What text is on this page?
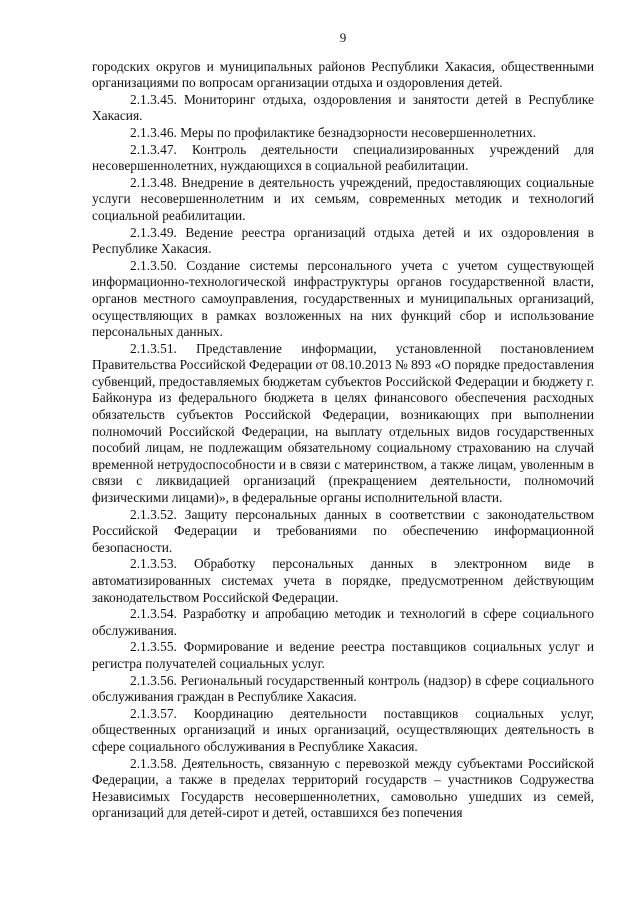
9

городских округов и муниципальных районов Республики Хакасия, общественными организациями по вопросам организации отдыха и оздоровления детей.

2.1.3.45. Мониторинг отдыха, оздоровления и занятости детей в Республике Хакасия.

2.1.3.46. Меры по профилактике безнадзорности несовершеннолетних.

2.1.3.47. Контроль деятельности специализированных учреждений для несовершеннолетних, нуждающихся в социальной реабилитации.

2.1.3.48. Внедрение в деятельность учреждений, предоставляющих социальные услуги несовершеннолетним и их семьям, современных методик и технологий социальной реабилитации.

2.1.3.49. Ведение реестра организаций отдыха детей и их оздоровления в Республике Хакасия.

2.1.3.50. Создание системы персонального учета с учетом существующей информационно-технологической инфраструктуры органов государственной власти, органов местного самоуправления, государственных и муниципальных организаций, осуществляющих в рамках возложенных на них функций сбор и использование персональных данных.

2.1.3.51. Представление информации, установленной постановлением Правительства Российской Федерации от 08.10.2013 № 893 «О порядке предоставления субвенций, предоставляемых бюджетам субъектов Российской Федерации и бюджету г. Байконура из федерального бюджета в целях финансового обеспечения расходных обязательств субъектов Российской Федерации, возникающих при выполнении полномочий Российской Федерации, на выплату отдельных видов государственных пособий лицам, не подлежащим обязательному социальному страхованию на случай временной нетрудоспособности и в связи с материнством, а также лицам, уволенным в связи с ликвидацией организаций (прекращением деятельности, полномочий физическими лицами)», в федеральные органы исполнительной власти.

2.1.3.52. Защиту персональных данных в соответствии с законодательством Российской Федерации и требованиями по обеспечению информационной безопасности.

2.1.3.53. Обработку персональных данных в электронном виде в автоматизированных системах учета в порядке, предусмотренном действующим законодательством Российской Федерации.

2.1.3.54. Разработку и апробацию методик и технологий в сфере социального обслуживания.

2.1.3.55. Формирование и ведение реестра поставщиков социальных услуг и регистра получателей социальных услуг.

2.1.3.56. Региональный государственный контроль (надзор) в сфере социального обслуживания граждан в Республике Хакасия.

2.1.3.57. Координацию деятельности поставщиков социальных услуг, общественных организаций и иных организаций, осуществляющих деятельность в сфере социального обслуживания в Республике Хакасия.

2.1.3.58. Деятельность, связанную с перевозкой между субъектами Российской Федерации, а также в пределах территорий государств – участников Содружества Независимых Государств несовершеннолетних, самовольно ушедших из семей, организаций для детей-сирот и детей, оставшихся без попечения
